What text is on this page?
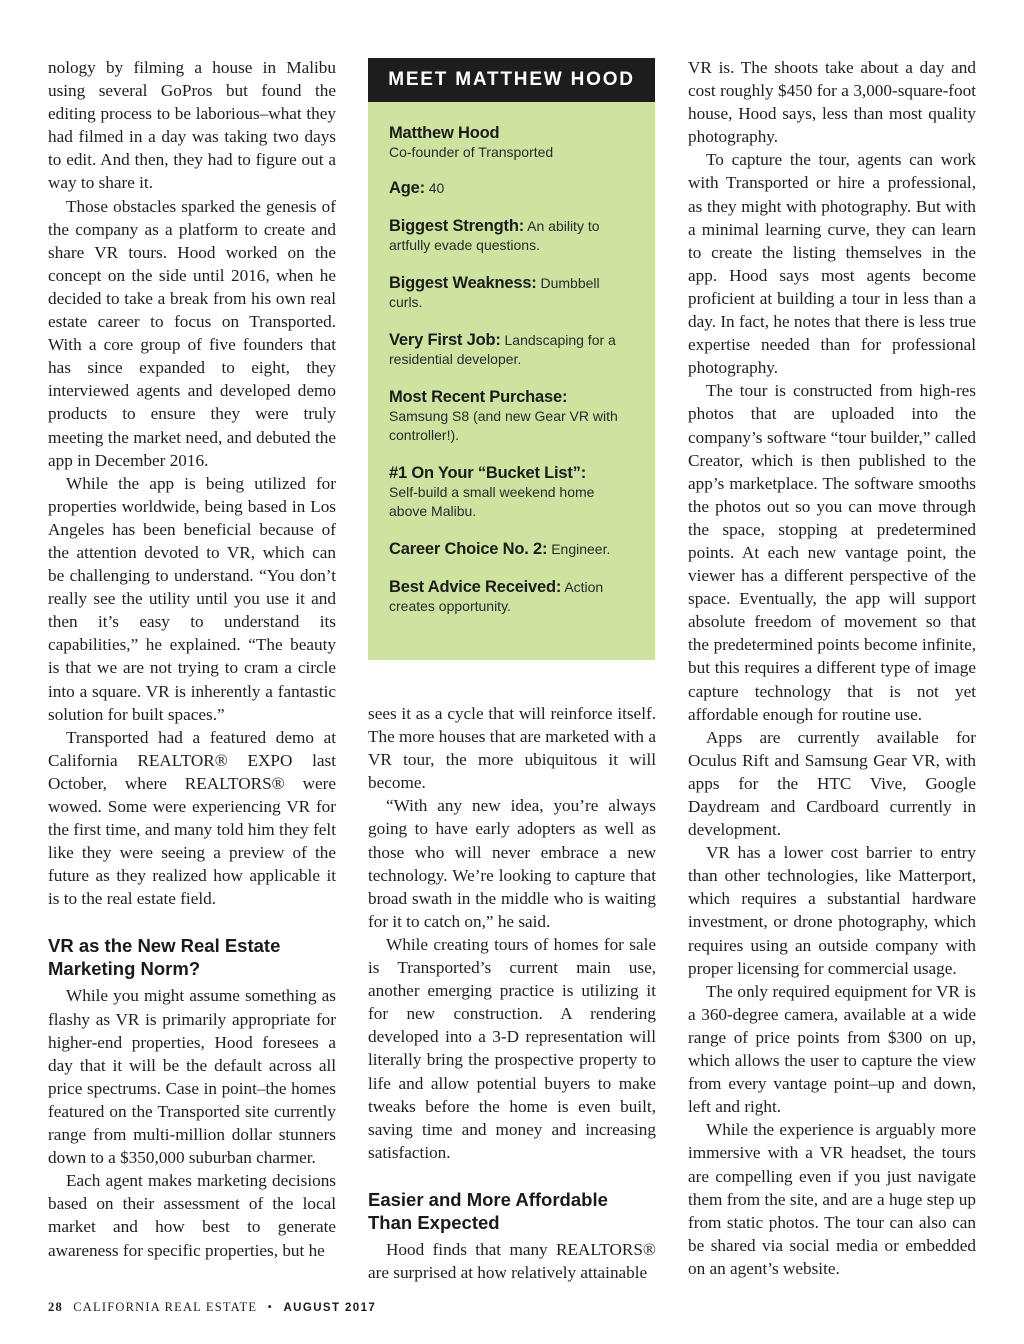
nology by filming a house in Malibu using several GoPros but found the editing process to be laborious–what they had filmed in a day was taking two days to edit. And then, they had to figure out a way to share it.

Those obstacles sparked the genesis of the company as a platform to create and share VR tours. Hood worked on the concept on the side until 2016, when he decided to take a break from his own real estate career to focus on Transported. With a core group of five founders that has since expanded to eight, they interviewed agents and developed demo products to ensure they were truly meeting the market need, and debuted the app in December 2016.

While the app is being utilized for properties worldwide, being based in Los Angeles has been beneficial because of the attention devoted to VR, which can be challenging to understand. “You don’t really see the utility until you use it and then it’s easy to understand its capabilities,” he explained. “The beauty is that we are not trying to cram a circle into a square. VR is inherently a fantastic solution for built spaces.”

Transported had a featured demo at California REALTOR® EXPO last October, where REALTORS® were wowed. Some were experiencing VR for the first time, and many told him they felt like they were seeing a preview of the future as they realized how applicable it is to the real estate field.

VR as the New Real Estate Marketing Norm?

While you might assume something as flashy as VR is primarily appropriate for higher-end properties, Hood foresees a day that it will be the default across all price spectrums. Case in point–the homes featured on the Transported site currently range from multi-million dollar stunners down to a $350,000 suburban charmer.

Each agent makes marketing decisions based on their assessment of the local market and how best to generate awareness for specific properties, but he

MEET MATTHEW HOOD
Matthew Hood
Co-founder of Transported
Age: 40
Biggest Strength: An ability to artfully evade questions.
Biggest Weakness: Dumbbell curls.
Very First Job: Landscaping for a residential developer.
Most Recent Purchase:
Samsung S8 (and new Gear VR with controller!).
#1 On Your “Bucket List”:
Self-build a small weekend home above Malibu.
Career Choice No. 2: Engineer.
Best Advice Received: Action creates opportunity.

sees it as a cycle that will reinforce itself. The more houses that are marketed with a VR tour, the more ubiquitous it will become.

“With any new idea, you’re always going to have early adopters as well as those who will never embrace a new technology. We’re looking to capture that broad swath in the middle who is waiting for it to catch on,” he said.

While creating tours of homes for sale is Transported’s current main use, another emerging practice is utilizing it for new construction. A rendering developed into a 3-D representation will literally bring the prospective property to life and allow potential buyers to make tweaks before the home is even built, saving time and money and increasing satisfaction.

Easier and More Affordable Than Expected

Hood finds that many REALTORS® are surprised at how relatively attainable

VR is. The shoots take about a day and cost roughly $450 for a 3,000-square-foot house, Hood says, less than most quality photography.

To capture the tour, agents can work with Transported or hire a professional, as they might with photography. But with a minimal learning curve, they can learn to create the listing themselves in the app. Hood says most agents become proficient at building a tour in less than a day. In fact, he notes that there is less true expertise needed than for professional photography.

The tour is constructed from high-res photos that are uploaded into the company’s software “tour builder,” called Creator, which is then published to the app’s marketplace. The software smooths the photos out so you can move through the space, stopping at predetermined points. At each new vantage point, the viewer has a different perspective of the space. Eventually, the app will support absolute freedom of movement so that the predetermined points become infinite, but this requires a different type of image capture technology that is not yet affordable enough for routine use.

Apps are currently available for Oculus Rift and Samsung Gear VR, with apps for the HTC Vive, Google Daydream and Cardboard currently in development.

VR has a lower cost barrier to entry than other technologies, like Matterport, which requires a substantial hardware investment, or drone photography, which requires using an outside company with proper licensing for commercial usage.

The only required equipment for VR is a 360-degree camera, available at a wide range of price points from $300 on up, which allows the user to capture the view from every vantage point–up and down, left and right.

While the experience is arguably more immersive with a VR headset, the tours are compelling even if you just navigate them from the site, and are a huge step up from static photos. The tour can also can be shared via social media or embedded on an agent’s website.

28 CALIFORNIA REAL ESTATE • AUGUST 2017
